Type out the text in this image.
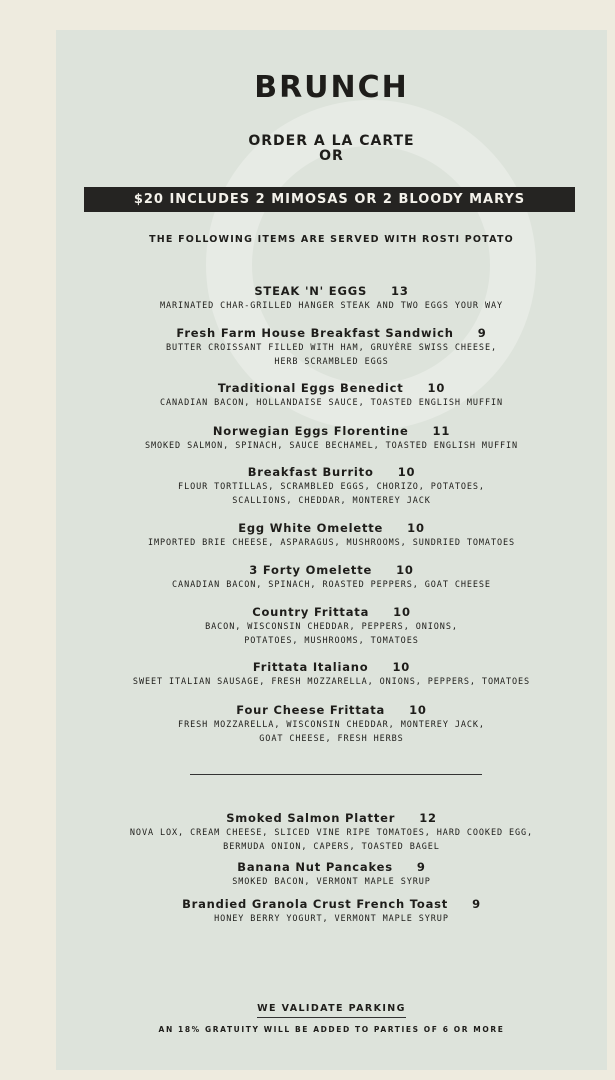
BRUNCH
ORDER A LA CARTE
OR
$20 INCLUDES 2 MIMOSAS OR 2 BLOODY MARYS
THE FOLLOWING ITEMS ARE SERVED WITH ROSTI POTATO
STEAK 'N' EGGS 13
MARINATED CHAR-GRILLED HANGER STEAK AND TWO EGGS YOUR WAY
Fresh Farm House Breakfast Sandwich 9
BUTTER CROISSANT FILLED WITH HAM, GRUYÈRE SWISS CHEESE,
HERB SCRAMBLED EGGS
Traditional Eggs Benedict 10
CANADIAN BACON, HOLLANDAISE SAUCE, TOASTED ENGLISH MUFFIN
Norwegian Eggs Florentine 11
SMOKED SALMON, SPINACH, SAUCE BECHAMEL, TOASTED ENGLISH MUFFIN
Breakfast Burrito 10
FLOUR TORTILLAS, SCRAMBLED EGGS, CHORIZO, POTATOES,
SCALLIONS, CHEDDAR, MONTEREY JACK
Egg White Omelette 10
IMPORTED BRIE CHEESE, ASPARAGUS, MUSHROOMS, SUNDRIED TOMATOES
3 Forty Omelette 10
CANADIAN BACON, SPINACH, ROASTED PEPPERS, GOAT CHEESE
Country Frittata 10
BACON, WISCONSIN CHEDDAR, PEPPERS, ONIONS,
POTATOES, MUSHROOMS, TOMATOES
Frittata Italiano 10
SWEET ITALIAN SAUSAGE, FRESH MOZZARELLA, ONIONS, PEPPERS, TOMATOES
Four Cheese Frittata 10
FRESH MOZZARELLA, WISCONSIN CHEDDAR, MONTEREY JACK,
GOAT CHEESE, FRESH HERBS
Smoked Salmon Platter 12
NOVA LOX, CREAM CHEESE, SLICED VINE RIPE TOMATOES, HARD COOKED EGG,
BERMUDA ONION, CAPERS, TOASTED BAGEL
Banana Nut Pancakes 9
SMOKED BACON, VERMONT MAPLE SYRUP
Brandied Granola Crust French Toast 9
HONEY BERRY YOGURT, VERMONT MAPLE SYRUP
WE VALIDATE PARKING
AN 18% GRATUITY WILL BE ADDED TO PARTIES OF 6 OR MORE
